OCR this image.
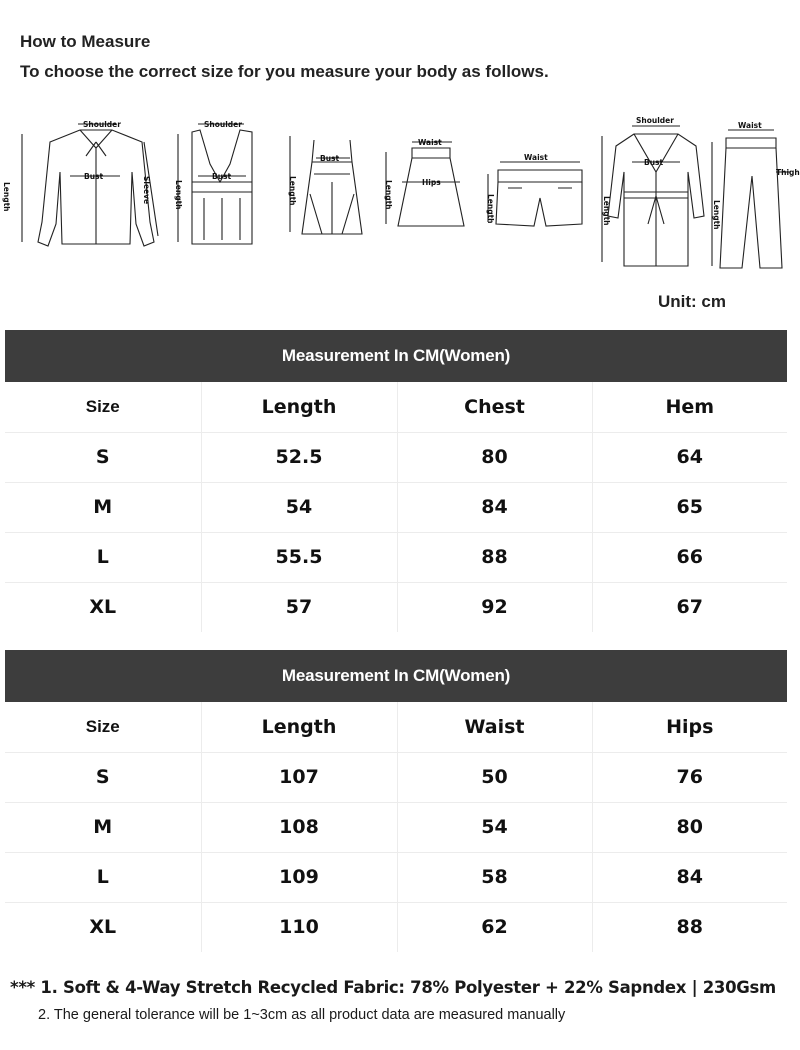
How to Measure
To choose the correct size for you measure your body as follows.
Shoulder
Bust
Length	Sleeve
Shoulder
Bust
Length
Bust
Length
Waist
Hips
Length
Waist
Length
Shoulder
Bust
Length
Waist
Thigh
Length
Unit: cm
Measurement In CM(Women)			
Size	Length	Chest	Hem
S	52.5	80	64
M	54	84	65
L	55.5	88	66
XL	57	92	67
Measurement In CM(Women)			
Size	Length	Waist	Hips
S	107	50	76
M	108	54	80
L	109	58	84
XL	110	62	88
*** 1. Soft & 4-Way Stretch Recycled Fabric: 78% Polyester + 22% Sapndex | 230Gsm
2. The general tolerance will be 1~3cm as all product data are measured manually
